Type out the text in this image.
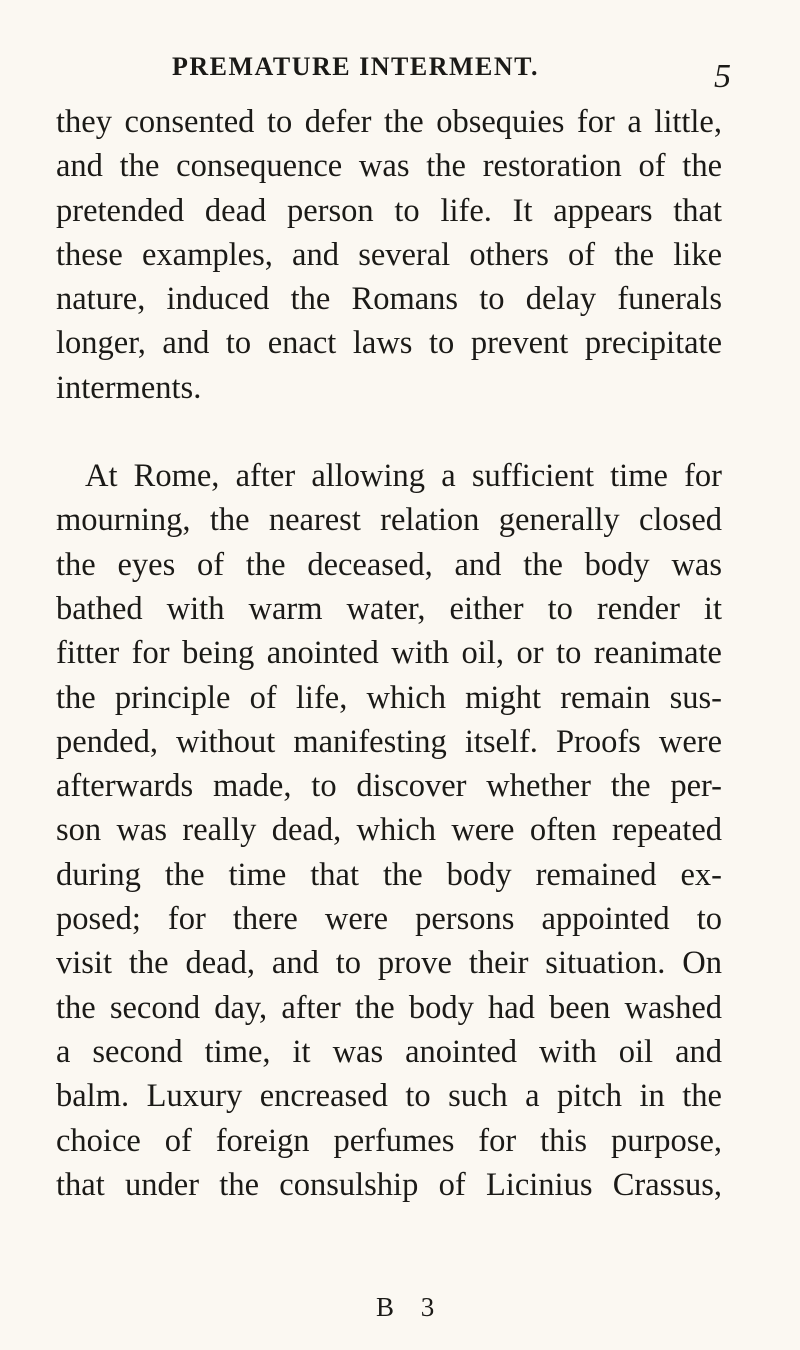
PREMATURE INTERMENT.	5
they consented to defer the obsequies for a little,
and the consequence was the restoration of the
pretended dead person to life. It appears that
these examples, and several others of the like
nature, induced the Romans to delay funerals
longer, and to enact laws to prevent precipitate
interments.
At Rome, after allowing a sufficient time for
mourning, the nearest relation generally closed
the eyes of the deceased, and the body was
bathed with warm water, either to render it
fitter for being anointed with oil, or to reanimate
the principle of life, which might remain sus-
pended, without manifesting itself. Proofs were
afterwards made, to discover whether the per-
son was really dead, which were often repeated
during the time that the body remained ex-
posed; for there were persons appointed to
visit the dead, and to prove their situation. On
the second day, after the body had been washed
a second time, it was anointed with oil and
balm. Luxury encreased to such a pitch in the
choice of foreign perfumes for this purpose,
that under the consulship of Licinius Crassus,
B 3
